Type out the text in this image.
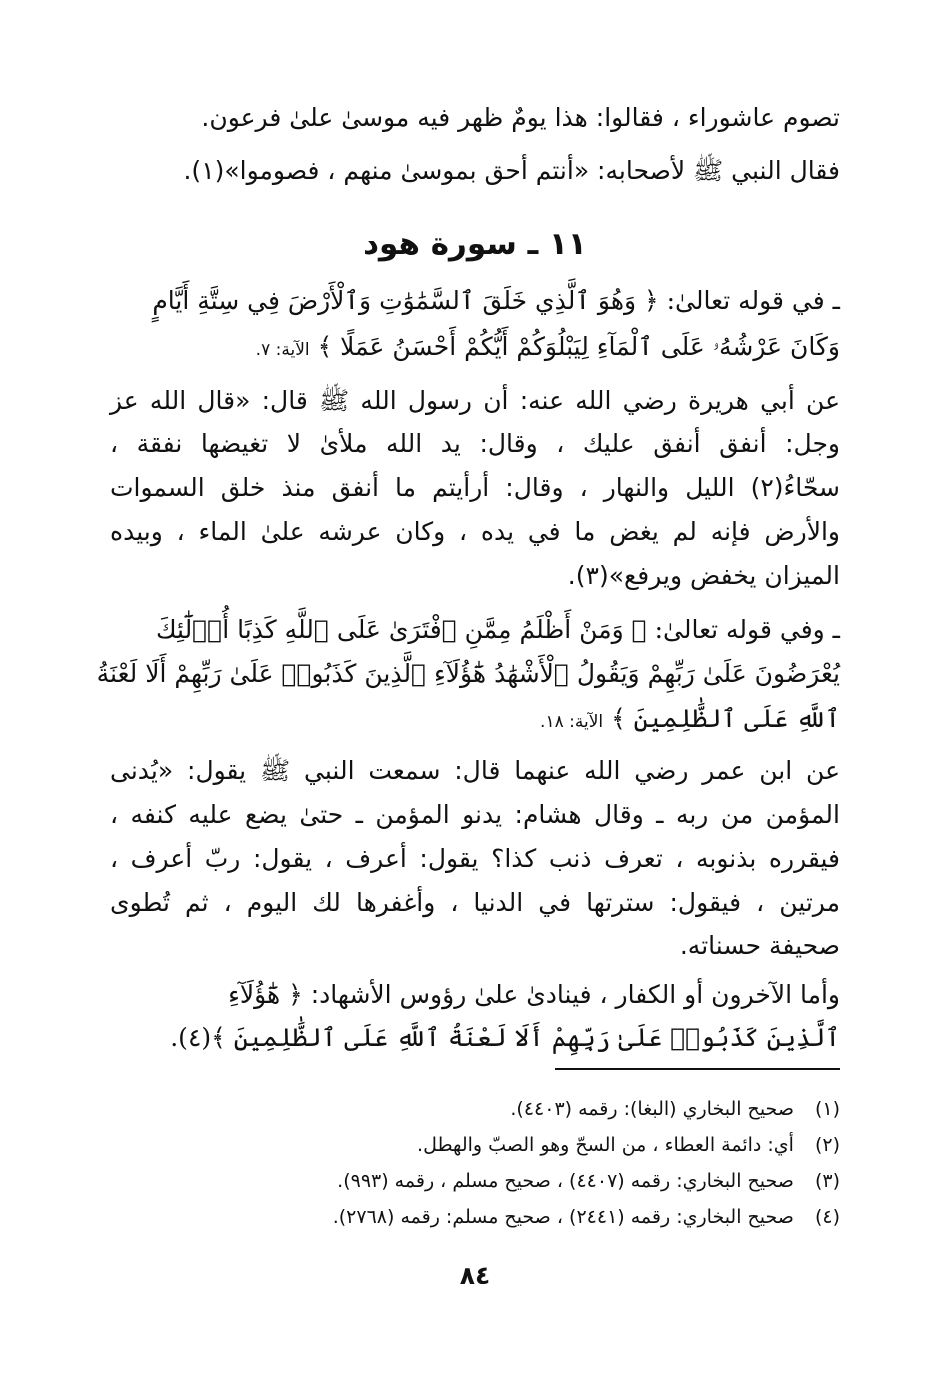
تصوم عاشوراء ، فقالوا: هذا يومٌ ظهر فيه موسىٰ علىٰ فرعون.
فقال النبي ﷺ لأصحابه: «أنتم أحق بموسىٰ منهم ، فصوموا»(١).
١١ ـ سورة هود
ـ في قوله تعالىٰ: ﴿ وَهُوَ ٱلَّذِي خَلَقَ ٱلسَّمَٰوَٰتِ وَٱلْأَرْضَ فِي سِتَّةِ أَيَّامٍ
وَكَانَ عَرْشُهُۥ عَلَى ٱلْمَآءِ لِيَبْلُوَكُمْ أَيُّكُمْ أَحْسَنُ عَمَلًا ﴾ الآية: ٧.
عن أبي هريرة رضي الله عنه: أن رسول الله ﷺ قال: «قال الله عز
وجل: أنفق أنفق عليك ، وقال: يد الله ملأىٰ لا تغيضها نفقة ،
سحّاءُ(٢) الليل والنهار ، وقال: أرأيتم ما أنفق منذ خلق السموات
والأرض فإنه لم يغض ما في يده ، وكان عرشه علىٰ الماء ، وبيده
الميزان يخفض ويرفع»(٣).
ـ وفي قوله تعالىٰ: ﴿ وَمَنْ أَظْلَمُ مِمَّنِ ٱفْتَرَىٰ عَلَى ٱللَّهِ كَذِبًا أُو۟لَٰٓئِكَ
يُعْرَضُونَ عَلَىٰ رَبِّهِمْ وَيَقُولُ ٱلْأَشْهَٰدُ هَٰٓؤُلَآءِ ٱلَّذِينَ كَذَبُوا۟ عَلَىٰ رَبِّهِمْ أَلَا لَعْنَةُ
ٱللَّهِ عَلَى ٱلظَّٰلِمِينَ ﴾ الآية: ١٨.
عن ابن عمر رضي الله عنهما قال: سمعت النبي ﷺ يقول: «يُدنى
المؤمن من ربه ـ وقال هشام: يدنو المؤمن ـ حتىٰ يضع عليه كنفه ،
فيقرره بذنوبه ، تعرف ذنب كذا؟ يقول: أعرف ، يقول: ربّ أعرف ،
مرتين ، فيقول: سترتها في الدنيا ، وأغفرها لك اليوم ، ثم تُطوى
صحيفة حسناته.
وأما الآخرون أو الكفار ، فينادىٰ علىٰ رؤوس الأشهاد: ﴿ هَٰٓؤُلَآءِ
ٱلَّذِينَ كَذَبُوا۟ عَلَىٰ رَبِّهِمْ أَلَا لَعْنَةُ ٱللَّهِ عَلَى ٱلظَّٰلِمِينَ ﴾(٤).
(١) صحيح البخاري (البغا): رقمه (٤٤٠٣).
(٢) أي: دائمة العطاء ، من السحّ وهو الصبّ والهطل.
(٣) صحيح البخاري: رقمه (٤٤٠٧) ، صحيح مسلم ، رقمه (٩٩٣).
(٤) صحيح البخاري: رقمه (٢٤٤١) ، صحيح مسلم: رقمه (٢٧٦٨).
٨٤
